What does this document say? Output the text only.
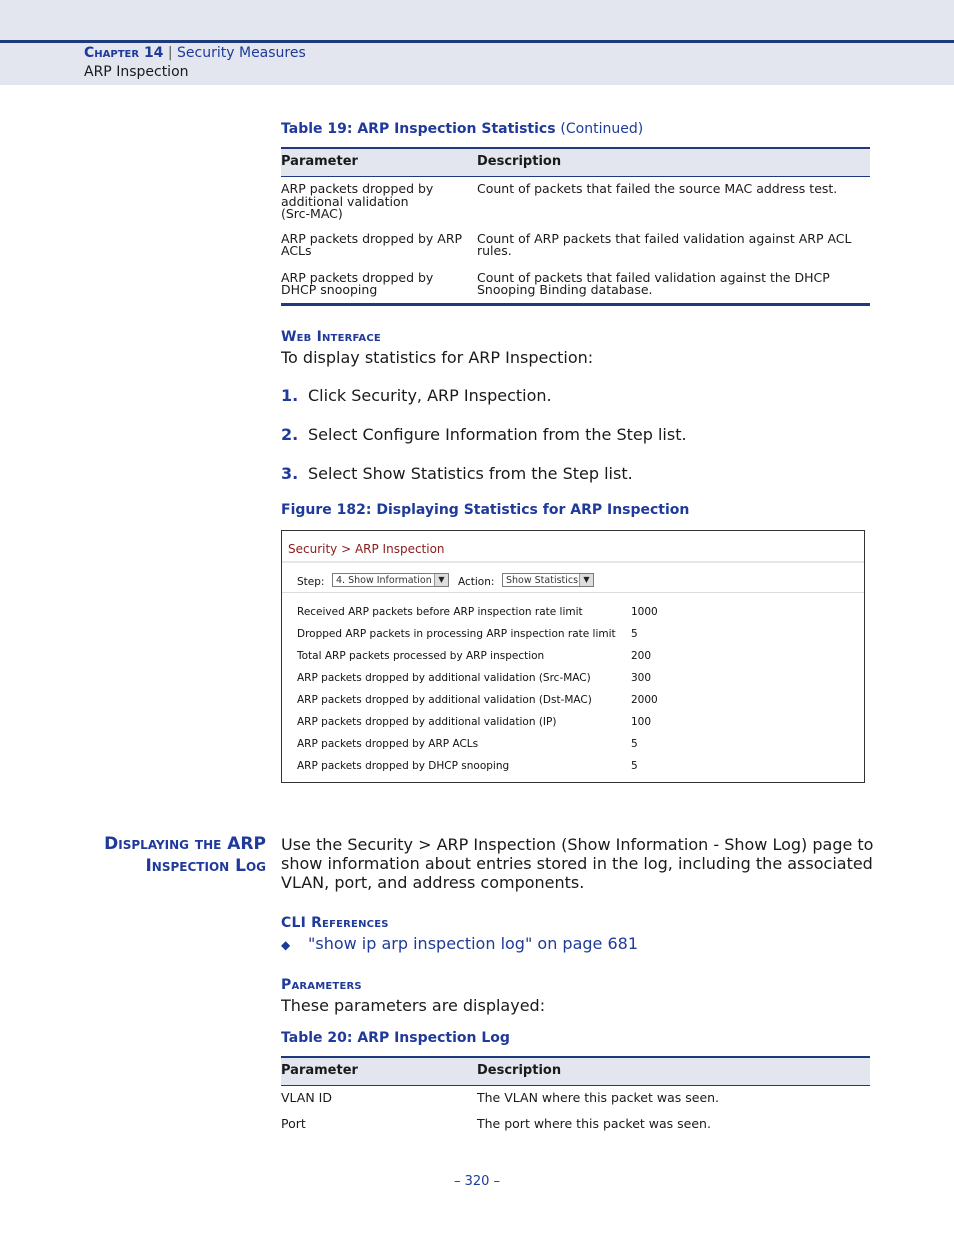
Chapter 14 | Security Measures
ARP Inspection
Table 19: ARP Inspection Statistics (Continued)
Parameter	Description
ARP packets dropped by
additional validation
(Src-MAC)	Count of packets that failed the source MAC address test.
ARP packets dropped by ARP
ACLs	Count of ARP packets that failed validation against ARP ACL
rules.
ARP packets dropped by
DHCP snooping	Count of packets that failed validation against the DHCP
Snooping Binding database.
Web Interface
To display statistics for ARP Inspection:
1. Click Security, ARP Inspection.
2. Select Configure Information from the Step list.
3. Select Show Statistics from the Step list.
Figure 182: Displaying Statistics for ARP Inspection
Security > ARP Inspection
Step:	4. Show Information ▼	Action:	Show Statistics ▼
Received ARP packets before ARP inspection rate limit	1000
Dropped ARP packets in processing ARP inspection rate limit 5
Total ARP packets processed by ARP inspection	200
ARP packets dropped by additional validation (Src-MAC)	300
ARP packets dropped by additional validation (Dst-MAC)	2000
ARP packets dropped by additional validation (IP)	100
ARP packets dropped by ARP ACLs	5
ARP packets dropped by DHCP snooping	5
Displaying the ARP
Inspection Log
Use the Security > ARP Inspection (Show Information - Show Log) page to
show information about entries stored in the log, including the associated
VLAN, port, and address components.
CLI References
◆ "show ip arp inspection log" on page 681
Parameters
These parameters are displayed:
Table 20: ARP Inspection Log
Parameter	Description
VLAN ID	The VLAN where this packet was seen.
Port	The port where this packet was seen.
– 320 –
